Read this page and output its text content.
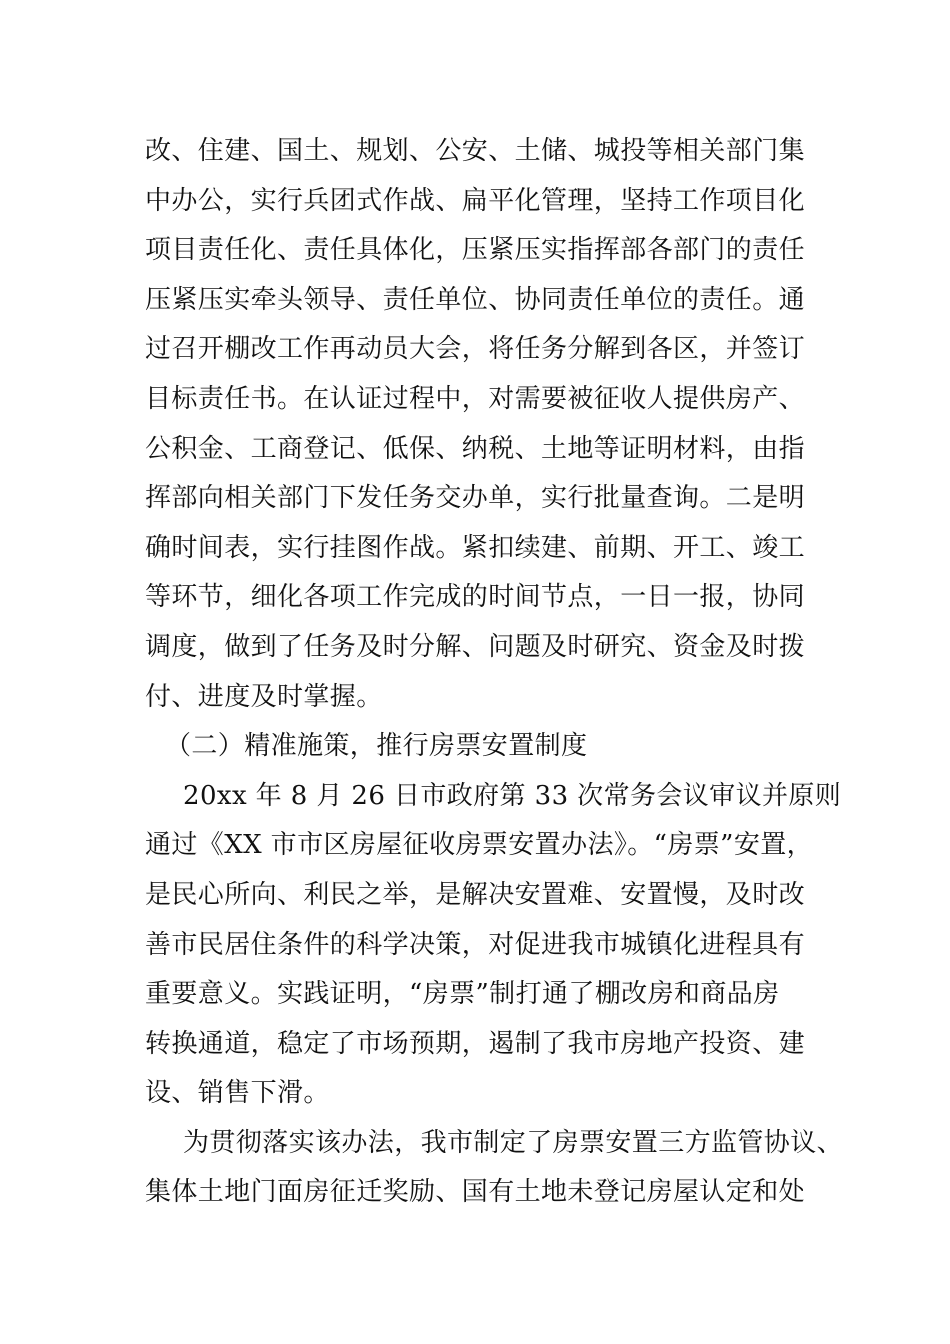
改、住建、国土、规划、公安、土储、城投等相关部门集
中办公，实行兵团式作战、扁平化管理，坚持工作项目化
项目责任化、责任具体化，压紧压实指挥部各部门的责任
压紧压实牵头领导、责任单位、协同责任单位的责任。通
过召开棚改工作再动员大会，将任务分解到各区，并签订
目标责任书。在认证过程中，对需要被征收人提供房产、
公积金、工商登记、低保、纳税、土地等证明材料，由指
挥部向相关部门下发任务交办单，实行批量查询。二是明
确时间表，实行挂图作战。紧扣续建、前期、开工、竣工
等环节，细化各项工作完成的时间节点，一日一报，协同
调度，做到了任务及时分解、问题及时研究、资金及时拨
付、进度及时掌握。
（二）精准施策，推行房票安置制度
20xx 年 8 月 26 日市政府第 33 次常务会议审议并原则
通过《XX 市市区房屋征收房票安置办法》。“房票”安置，
是民心所向、利民之举，是解决安置难、安置慢，及时改
善市民居住条件的科学决策，对促进我市城镇化进程具有
重要意义。实践证明，“房票”制打通了棚改房和商品房
转换通道，稳定了市场预期，遏制了我市房地产投资、建
设、销售下滑。
为贯彻落实该办法，我市制定了房票安置三方监管协议、
集体土地门面房征迁奖励、国有土地未登记房屋认定和处
